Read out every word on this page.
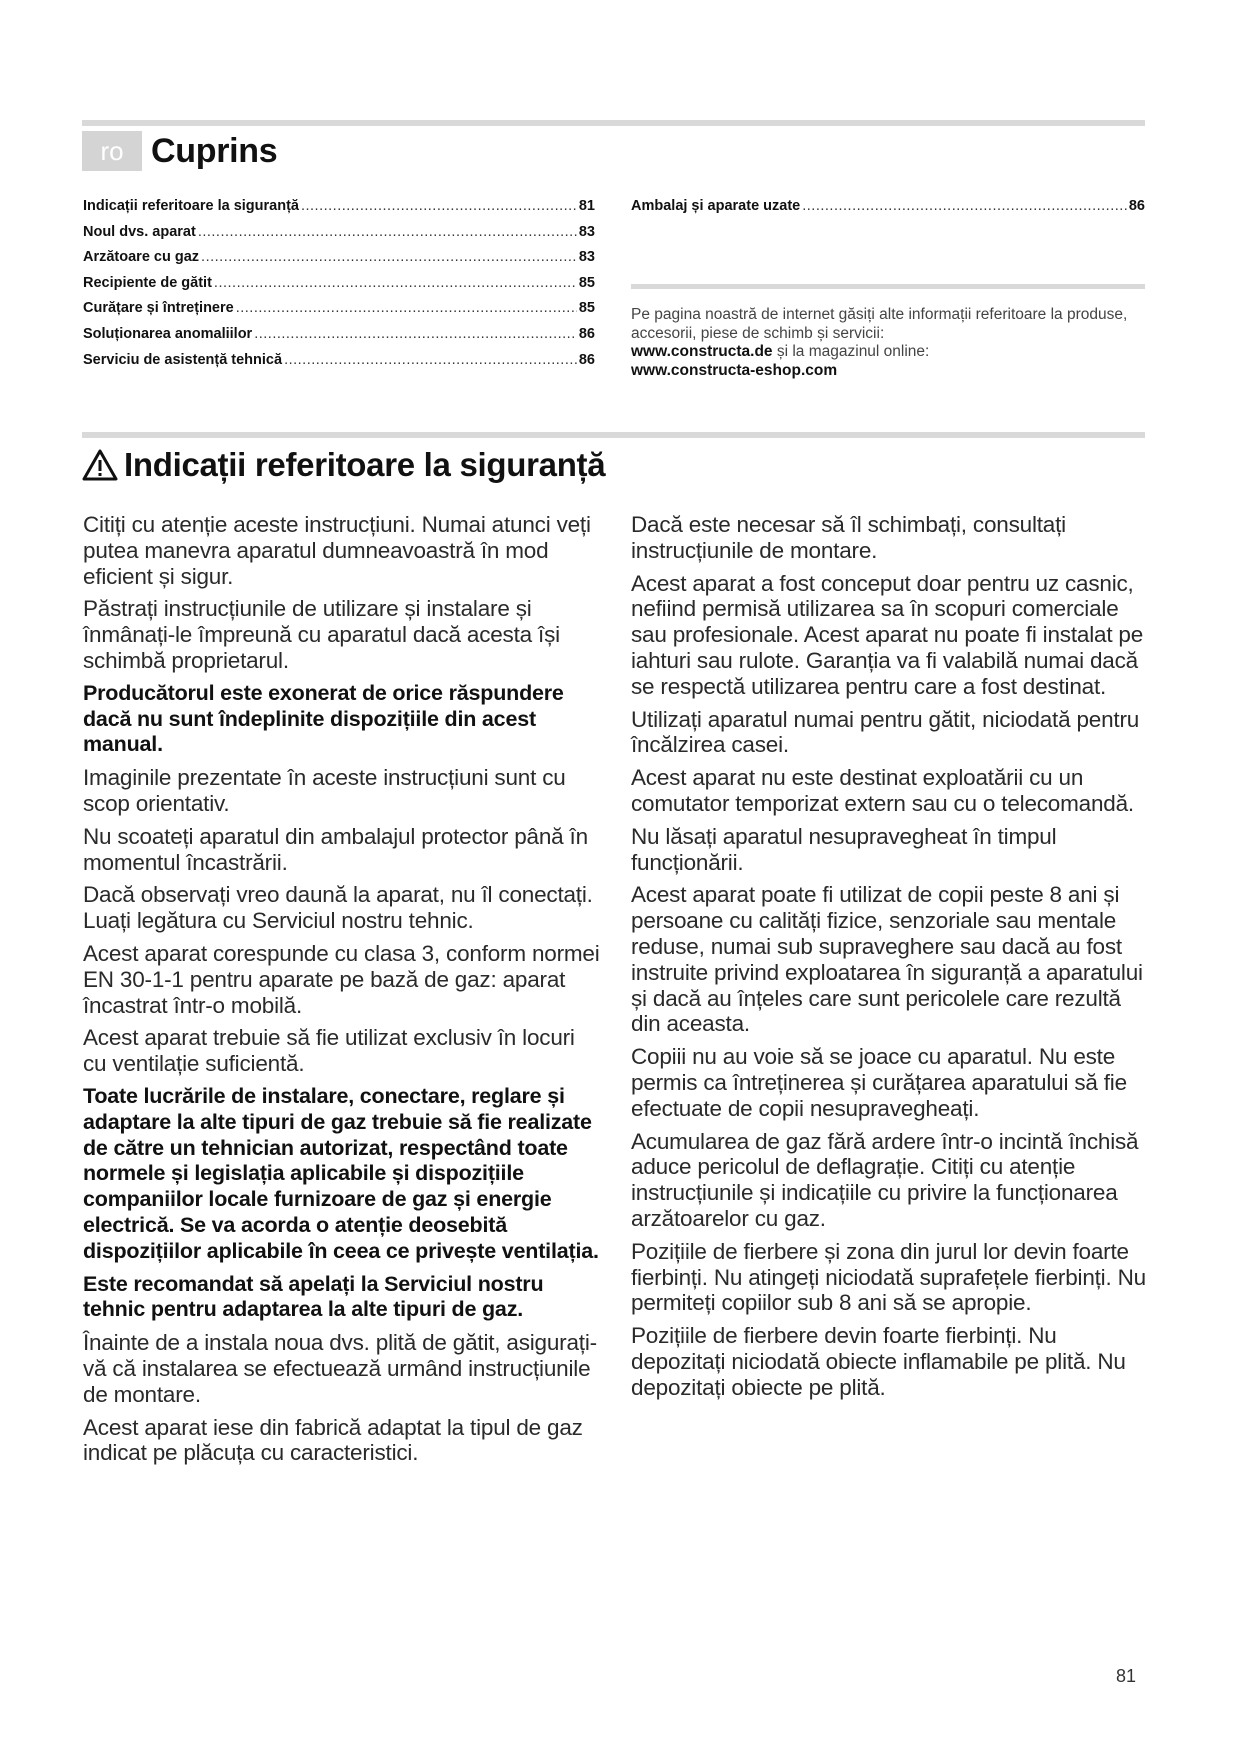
ro Cuprins
Indicații referitoare la siguranță .....	81
Noul dvs. aparat .....	83
Arzătoare cu gaz .....	83
Recipiente de gătit .....	85
Curățare și întreținere .....	85
Soluționarea anomaliilor .....	86
Serviciu de asistență tehnică .....	86
Ambalaj și aparate uzate .....	86
Pe pagina noastră de internet găsiți alte informații referitoare la produse, accesorii, piese de schimb și servicii:
www.constructa.de și la magazinul online:
www.constructa-eshop.com
Indicații referitoare la siguranță

Citiți cu atenție aceste instrucțiuni. Numai atunci veți putea manevra aparatul dumneavoastră în mod eficient și sigur.

Păstrați instrucțiunile de utilizare și instalare și înmânați-le împreună cu aparatul dacă acesta își schimbă proprietarul.

Producătorul este exonerat de orice răspundere dacă nu sunt îndeplinite dispozițiile din acest manual.

Imaginile prezentate în aceste instrucțiuni sunt cu scop orientativ.

Nu scoateți aparatul din ambalajul protector până în momentul încastrării.

Dacă observați vreo daună la aparat, nu îl conectați. Luați legătura cu Serviciul nostru tehnic.

Acest aparat corespunde cu clasa 3, conform normei EN 30-1-1 pentru aparate pe bază de gaz: aparat încastrat într-o mobilă.

Acest aparat trebuie să fie utilizat exclusiv în locuri cu ventilație suficientă.

Toate lucrările de instalare, conectare, reglare și adaptare la alte tipuri de gaz trebuie să fie realizate de către un tehnician autorizat, respectând toate normele și legislația aplicabile și dispozițiile companiilor locale furnizoare de gaz și energie electrică. Se va acorda o atenție deosebită dispozițiilor aplicabile în ceea ce privește ventilația.

Este recomandat să apelați la Serviciul nostru tehnic pentru adaptarea la alte tipuri de gaz.

Înainte de a instala noua dvs. plită de gătit, asigurați-vă că instalarea se efectuează urmând instrucțiunile de montare.

Acest aparat iese din fabrică adaptat la tipul de gaz indicat pe plăcuța cu caracteristici.

Dacă este necesar să îl schimbați, consultați instrucțiunile de montare.

Acest aparat a fost conceput doar pentru uz casnic, nefiind permisă utilizarea sa în scopuri comerciale sau profesionale. Acest aparat nu poate fi instalat pe iahturi sau rulote. Garanția va fi valabilă numai dacă se respectă utilizarea pentru care a fost destinat.

Utilizați aparatul numai pentru gătit, niciodată pentru încălzirea casei.

Acest aparat nu este destinat exploatării cu un comutator temporizat extern sau cu o telecomandă.

Nu lăsați aparatul nesupravegheat în timpul funcționării.

Acest aparat poate fi utilizat de copii peste 8 ani și persoane cu calități fizice, senzoriale sau mentale reduse, numai sub supraveghere sau dacă au fost instruite privind exploatarea în siguranță a aparatului și dacă au înțeles care sunt pericolele care rezultă din aceasta.

Copiii nu au voie să se joace cu aparatul. Nu este permis ca întreținerea și curățarea aparatului să fie efectuate de copii nesupravegheați.

Acumularea de gaz fără ardere într-o incintă închisă aduce pericolul de deflagrație. Citiți cu atenție instrucțiunile și indicațiile cu privire la funcționarea arzătoarelor cu gaz.

Pozițiile de fierbere și zona din jurul lor devin foarte fierbinți. Nu atingeți niciodată suprafețele fierbinți. Nu permiteți copiilor sub 8 ani să se apropie.

Pozițiile de fierbere devin foarte fierbinți. Nu depozitați niciodată obiecte inflamabile pe plită. Nu depozitați obiecte pe plită.

81
